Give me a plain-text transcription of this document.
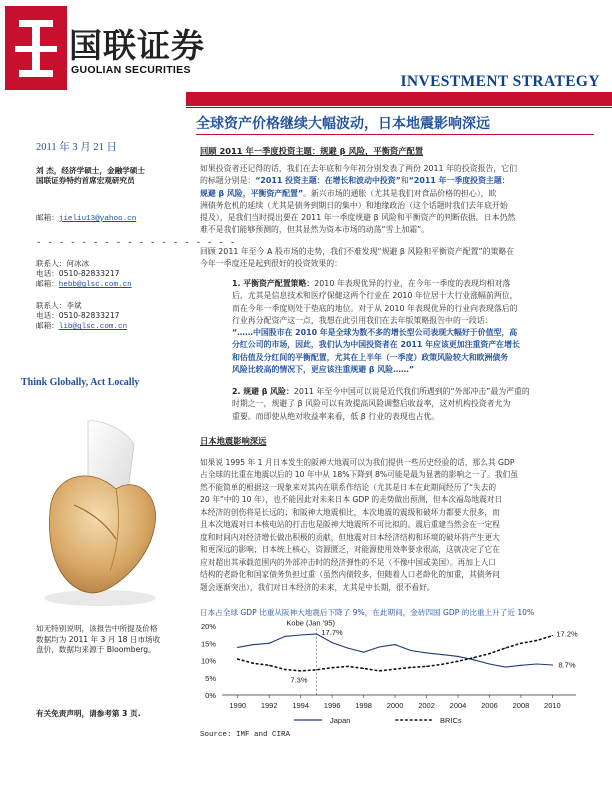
国联证券
GUOLIAN SECURITIES
INVESTMENT STRATEGY
2011 年 3 月 21 日
刘 杰，经济学硕士，金融学硕士
国联证券特约首席宏观研究员
邮箱：jieliu13@yahoo.cn
- - - - - - - - - - - - - - - - - -
联系人：何冰冰
电话：0510-82833217
邮箱：hebb@glsc.com.cn
联系人：李斌
电话：0510-82833217
邮箱：lib@glsc.com.cn
Think Globally, Act Locally
如无特别说明，该报告中所提及价格
数据均为 2011 年 3 月 18 日市场收
盘价，数据均来源于 Bloomberg。
有关免责声明，请参考第 3 页.
全球资产价格继续大幅波动，日本地震影响深远
回顾 2011 年一季度投资主题：规避 β 风险，平衡资产配置
如果投资者还记得的话，我们在去年底和今年初分别发表了两份 2011 年的投资报告，它们
的标题分别是：“2011 投资主题：在增长和波动中投资”和“2011 年一季度投资主题：
规避 β 风险，平衡资产配置”。新兴市场的通胀（尤其是我们对食品价格的担心），欧
洲债务危机的延续（尤其是债务到期日的集中）和地缘政治（这个话题时我们去年底开始
提及），是我们当时提出要在 2011 年一季度规避 β 风险和平衡资产的判断依据。日本仍然
难不是我们能够预测的，但其显然为资本市场的动荡“雪上加霜”。
回顾 2011 年至今 A 股市场的走势，我们不难发现“规避 β 风险和平衡资产配置”的策略在
今年一季度还是起到很好的投资效果的：
1. 平衡资产配置策略：2010 年表现优异的行业，在今年一季度的表现均相对落
后，尤其是信息技术和医疗保健这两个行业在 2010 年位居十大行业涨幅前两位，
而在今年一季度则处于垫底的地位。对于从 2010 年表现优异的行业向表现落后的
行业再分配资产这一点，我想在此引用我们在去年版策略报告中的一段话：
“……中国股市在 2010 年是全球为数不多的增长型公司表现大幅好于价值型，高
分红公司的市场，因此，我们认为中国投资者在 2011 年应该更加注重资产在增长
和估值及分红间的平衡配置，尤其在上半年（一季度）政策风险较大和欧洲债务
风险比较高的情况下，更应该注重规避 β 风险……”
2. 规避 β 风险：2011 年至今中国可以说是近代我们所遇到的“外部冲击”最为严重的
时期之一，规避了 β 风险可以有效提高风险调整后收益率，这对机构投资者尤为
重要。而即使从绝对收益率来看，低 β 行业的表现也占优。
日本地震影响深远
如果说 1995 年 1 月日本发生的阪神大地震可以为我们提供一些历史经验的话，那么其 GDP
占全球的比重在地震以后的 10 年中从 18%下降到 8%可能是最为显著的影响之一了。我们虽
然不能简单的根据这一现象来对其内在联系作结论（尤其是日本在此期间经历了“失去的
20 年”中的 10 年），也不能因此对未来日本 GDP 的走势做出预测，但本次福岛地震对日
本经济的创伤将是长远的；和阪神大地震相比，本次地震的震级和破坏力都要大很多，而
且本次地震对日本核电站的打击也是阪神大地震所不可比拟的。震后重建当然会在一定程
度和时间内对经济增长做出积极的贡献，但地震对日本经济结构和环境的破坏将产生更大
和更深远的影响；日本统上核心，资源匮乏，对能源使用效率要求很高，这就决定了它在
应对超出其承载范围内的外部冲击时的经济弹性的不足（不像中国或美国）。再加上人口
结构的老龄化和国家债务负担过重（虽然内债较多，但随着人口老龄化的加重，其债务问
题会逐渐突出），我们对日本经济的未来，尤其是中长期，很不看好。
日本占全球 GDP 比重从阪神大地震后下降了 9%，在此期间，金砖四国 GDP 的比重上升了近 10%
0%
5%
10%
15%
20%
1990 1992 1994 1996 1998 2000 2002 2004 2006 2008 2010
Kobe (Jan '95)
17.7%
7.3%
17.2%
8.7%
Japan	BRICs
Source: IMF and CIRA
